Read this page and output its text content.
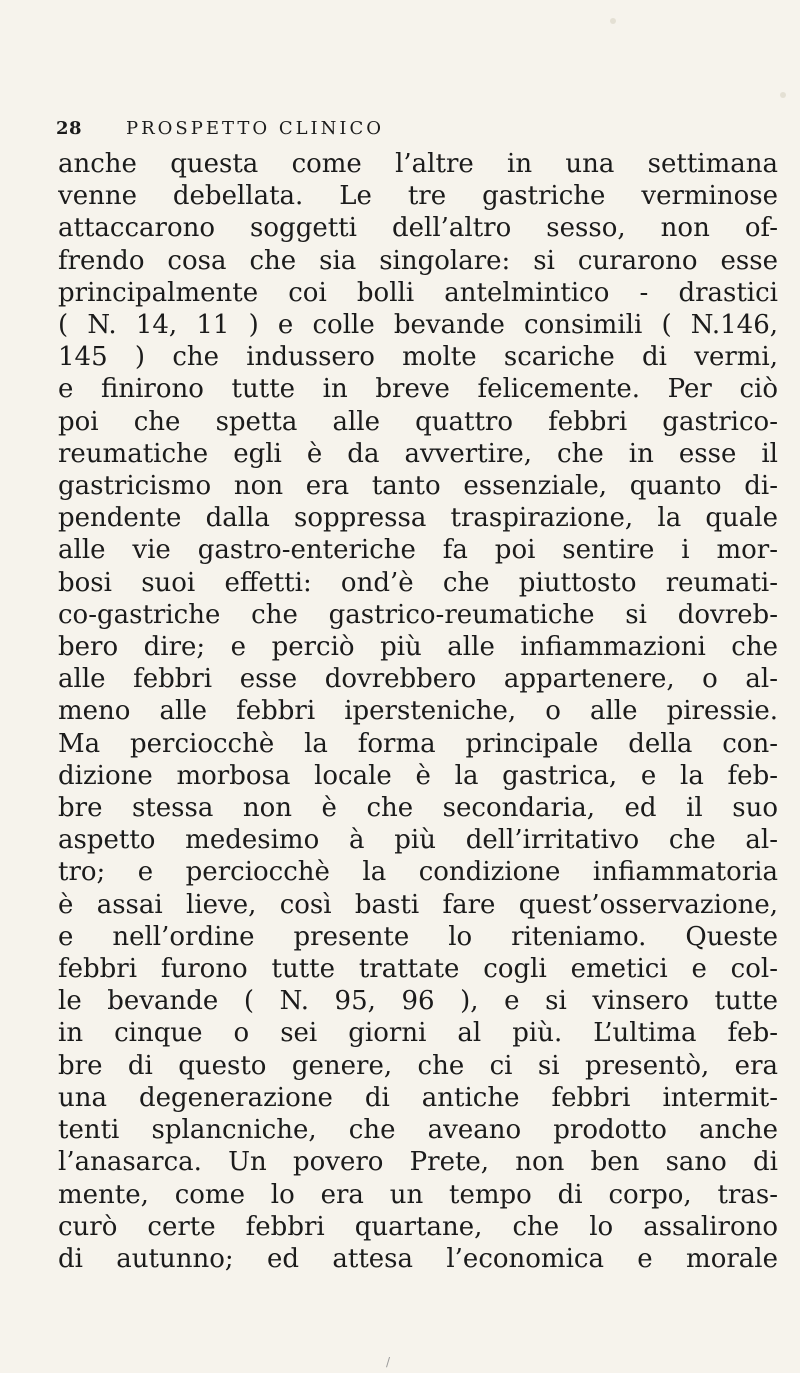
28 PROSPETTO CLINICO
anche questa come l’altre in una settimana
venne debellata. Le tre gastriche verminose
attaccarono soggetti dell’altro sesso, non of-
frendo cosa che sia singolare: si curarono esse
principalmente coi bolli antelmintico - drastici
( N. 14, 11 ) e colle bevande consimili ( N.146,
145 ) che indussero molte scariche di vermi,
e finirono tutte in breve felicemente. Per ciò
poi che spetta alle quattro febbri gastrico-
reumatiche egli è da avvertire, che in esse il
gastricismo non era tanto essenziale, quanto di-
pendente dalla soppressa traspirazione, la quale
alle vie gastro-enteriche fa poi sentire i mor-
bosi suoi effetti: ond’è che piuttosto reumati-
co-gastriche che gastrico-reumatiche si dovreb-
bero dire; e perciò più alle infiammazioni che
alle febbri esse dovrebbero appartenere, o al-
meno alle febbri ipersteniche, o alle piressie.
Ma perciocchè la forma principale della con-
dizione morbosa locale è la gastrica, e la feb-
bre stessa non è che secondaria, ed il suo
aspetto medesimo à più dell’irritativo che al-
tro; e perciocchè la condizione infiammatoria
è assai lieve, così basti fare quest’osservazione,
e nell’ordine presente lo riteniamo. Queste
febbri furono tutte trattate cogli emetici e col-
le bevande ( N. 95, 96 ), e si vinsero tutte
in cinque o sei giorni al più. L’ultima feb-
bre di questo genere, che ci si presentò, era
una degenerazione di antiche febbri intermit-
tenti splancniche, che aveano prodotto anche
l’anasarca. Un povero Prete, non ben sano di
mente, come lo era un tempo di corpo, tras-
curò certe febbri quartane, che lo assalirono
di autunno; ed attesa l’economica e morale
/
